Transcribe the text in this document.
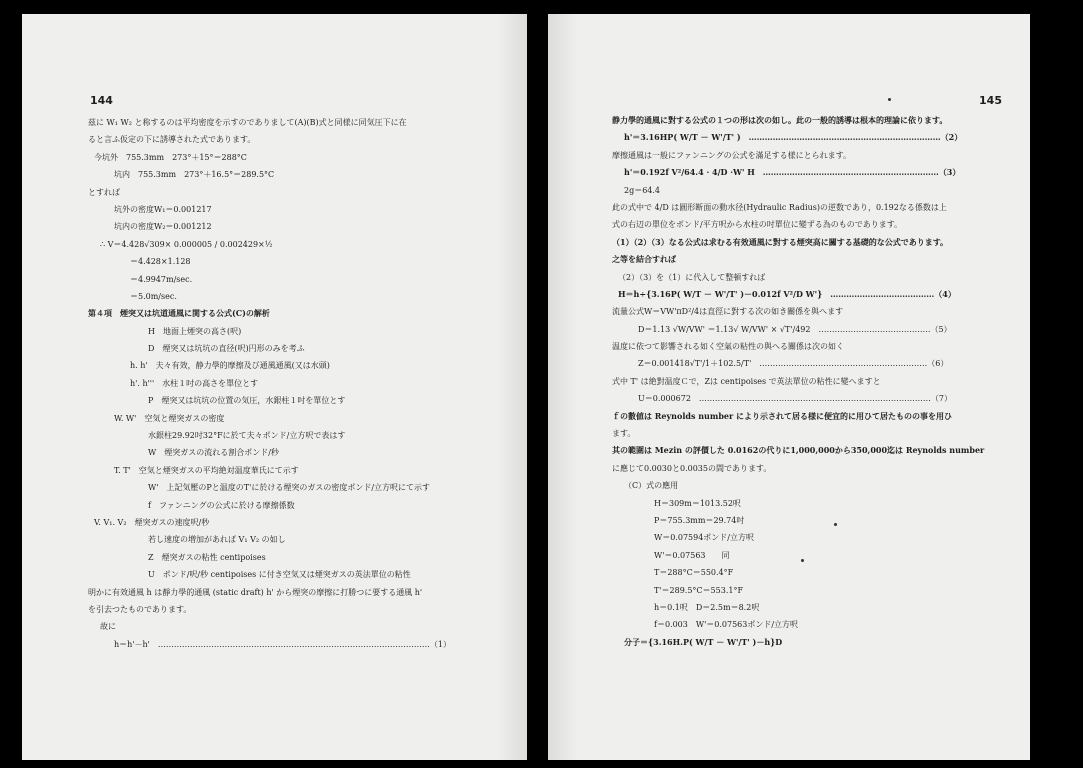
144
茲に W₁ W₂ と称するのは平均密度を示すのでありまして(A)(B)式と同様に同気圧下に在
ると言ふ仮定の下に誘導された式であります。
今坑外　755.3mm　273°＋15°＝288°C
坑内　755.3mm　273°＋16.5°＝289.5°C
とすれば
坑外の密度W₁＝0.001217
坑内の密度W₂＝0.001212
∴ V＝4.428√309× 0.000005 / 0.002429×½
＝4.428×1.128
＝4.9947m/sec.
＝5.0m/sec.
第４項　煙突又は坑道通風に関する公式(C)の解析
H　地面上煙突の高さ(呎)
D　煙突又は坑坑の直径(呎)円形のみを考ふ
h. h'　夫々有效，静力學的摩擦及び通風通風(又は水頭)
h'. h'''　水柱１吋の高さを單位とす
P　煙突又は坑坑の位置の気圧，水銀柱１吋を單位とす
W. W'　空気と煙突ガスの密度
水銀柱29.92吋32°Fに於て夫々ポンド/立方呎で表はす
W　煙突ガスの流れる割合ポンド/秒
T. T'　空気と煙突ガスの平均絶対温度華氏にて示す
W'　上記気壓のPと温度のT'に於ける煙突のガスの密度ポンド/立方呎にて示す
f　ファンニングの公式に於ける摩擦係数
V. V₁. V₂　煙突ガスの速度呎/秒
若し速度の増加があれば V₁ V₂ の如し
Z　煙突ガスの粘性 centipoises
U　ポンド/呎/秒 centipoises に付き空気又は煙突ガスの英法單位の粘性
明かに有效通風 h は靜力學的通風 (static draft) h' から煙突の摩擦に打勝つに要する通風 h'
を引去つたものであります。
故に
h＝h'－h'　…………………………………………………………………………………………（1）
145
静力學的通風に對する公式の１つの形は次の如し。此の一般的誘導は根本的理論に依ります。
h'＝3.16HP( W/T － W'/T' )　………………………………………………………………（2）
摩擦通風は一般にファンニングの公式を滿足する様にとられます。
h'＝0.192f V²/64.4 · 4/D ·W' H　…………………………………………………………（3）
2g＝64.4
此の式中で 4/D は圓形断面の動水径(Hydraulic Radius)の逆数であり，0.192なる係数は上
式の右辺の單位をポンド/平方呎から水柱の吋單位に變ずる為のものであります。
（1）（2）（3）なる公式は求むる有效通風に對する煙突高に關する基礎的な公式であります。
之等を結合すれば
（2）（3）を（1）に代入して整頓すれば
H＝h÷{3.16P( W/T － W'/T' )－0.012f V²/D W'}　…………………………………（4）
流量公式W＝VW'πD²/4は直徑に對する次の如き關係を與へます
D＝1.13 √W/VW' ＝1.13√ W/VW' × √T'/492　……………………………………（5）
温度に依つて影響される如く空氣の粘性の與へる關係は次の如く
Z＝0.001418√T'/1＋102.5/T'　………………………………………………………（6）
式中 T' は絶對温度Ｃで，Zは centipoises で英法單位の粘性に變へますと
U＝0.000672　……………………………………………………………………………（7）
ｆの數値は Reynolds number により示されて居る様に便宜的に用ひて居たものの事を用ひ
ます。
其の範圍は Mezin の評價した 0.0162の代りに1,000,000から350,000迄は Reynolds number
に應じて0.0030と0.0035の間であります。
（C）式の應用
H＝309m＝1013.52呎
P＝755.3mm＝29.74吋
W＝0.07594ポンド/立方呎
W'＝0.07563　　同
T＝288°C＝550.4°F
T'＝289.5°C＝553.1°F
h＝0.1呎　D＝2.5m＝8.2呎
f＝0.003　W'＝0.07563ポンド/立方呎
分子＝{3.16H.P( W/T － W'/T' )－h}D
